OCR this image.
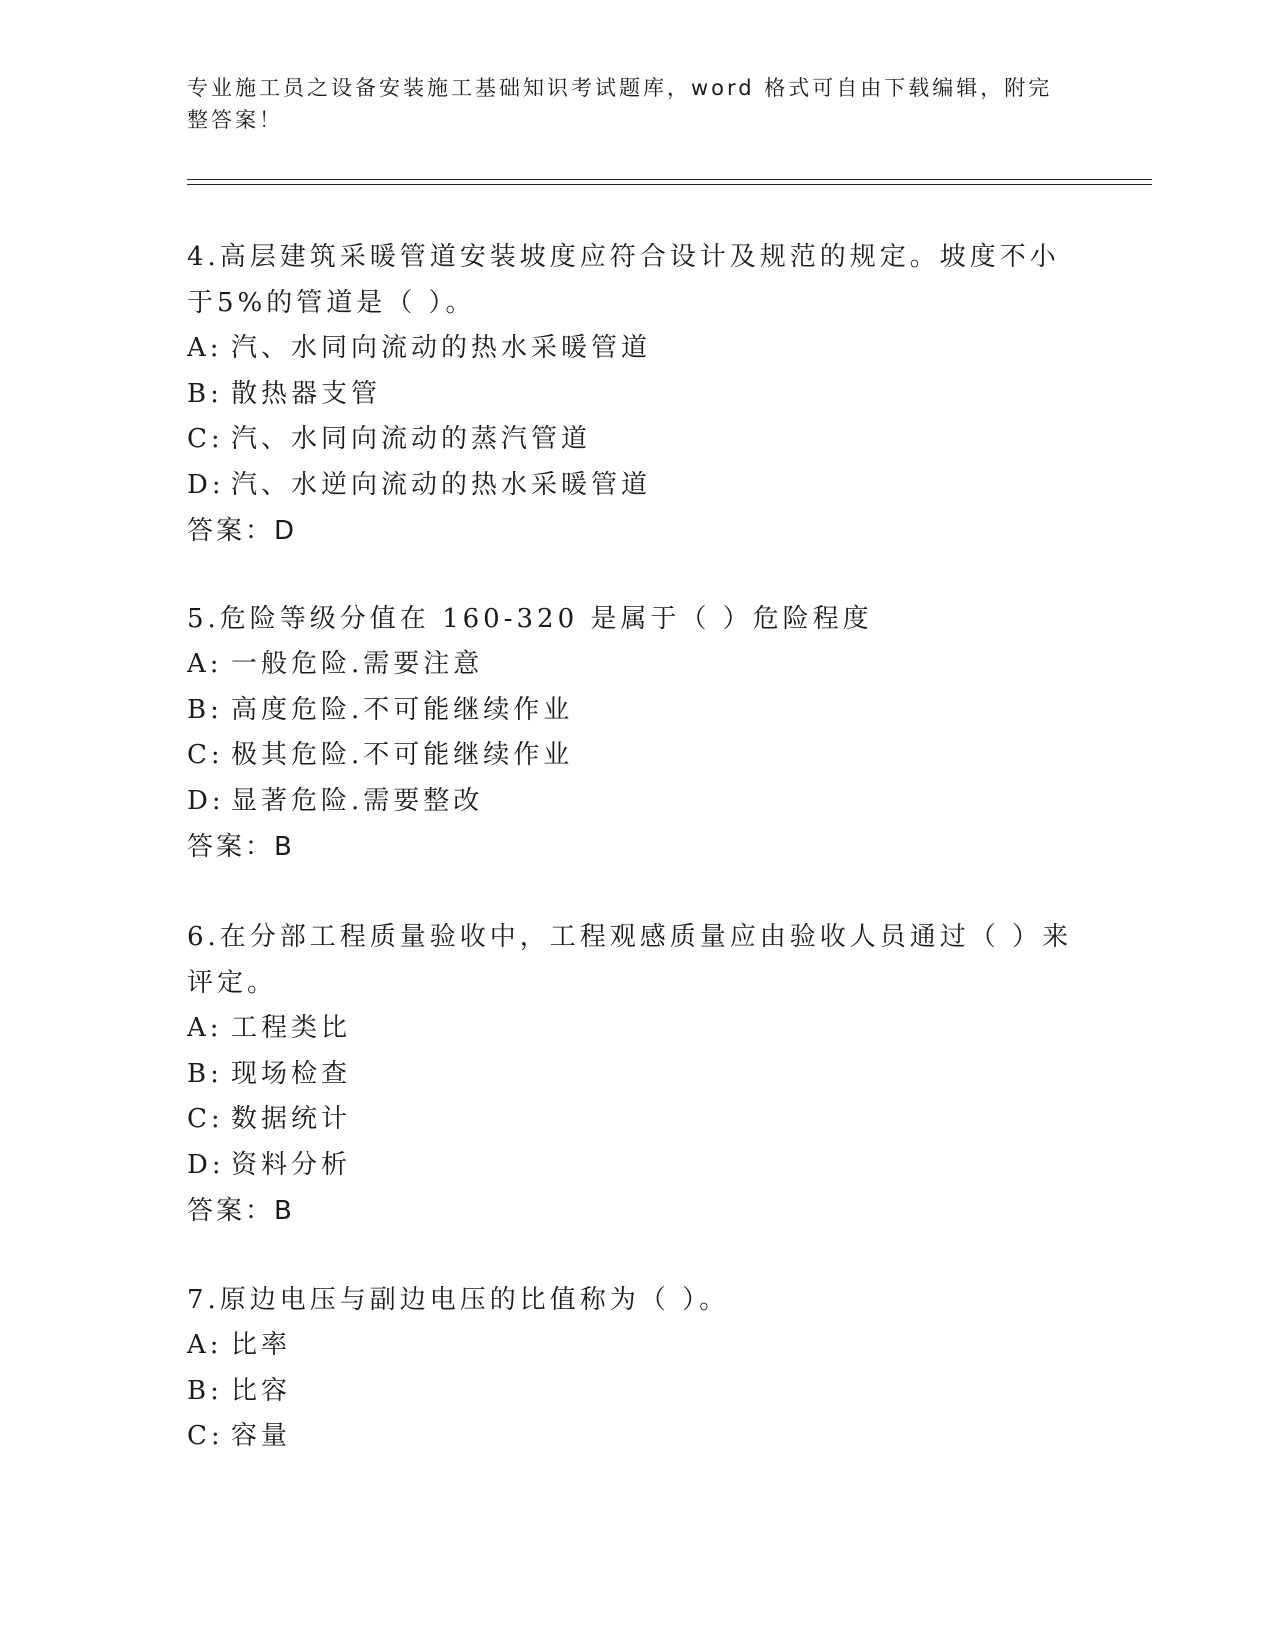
专业施工员之设备安装施工基础知识考试题库，word 格式可自由下载编辑，附完整答案！

4.高层建筑采暖管道安装坡度应符合设计及规范的规定。坡度不小于5%的管道是（ ）。

A: 汽、水同向流动的热水采暖管道

B: 散热器支管

C: 汽、水同向流动的蒸汽管道

D: 汽、水逆向流动的热水采暖管道

答案：D

5.危险等级分值在 160-320 是属于（ ）危险程度

A: 一般危险.需要注意

B: 高度危险.不可能继续作业

C: 极其危险.不可能继续作业

D: 显著危险.需要整改

答案：B

6.在分部工程质量验收中，工程观感质量应由验收人员通过（ ）来评定。

A: 工程类比

B: 现场检查

C: 数据统计

D: 资料分析

答案：B

7.原边电压与副边电压的比值称为（ ）。

A: 比率

B: 比容

C: 容量
